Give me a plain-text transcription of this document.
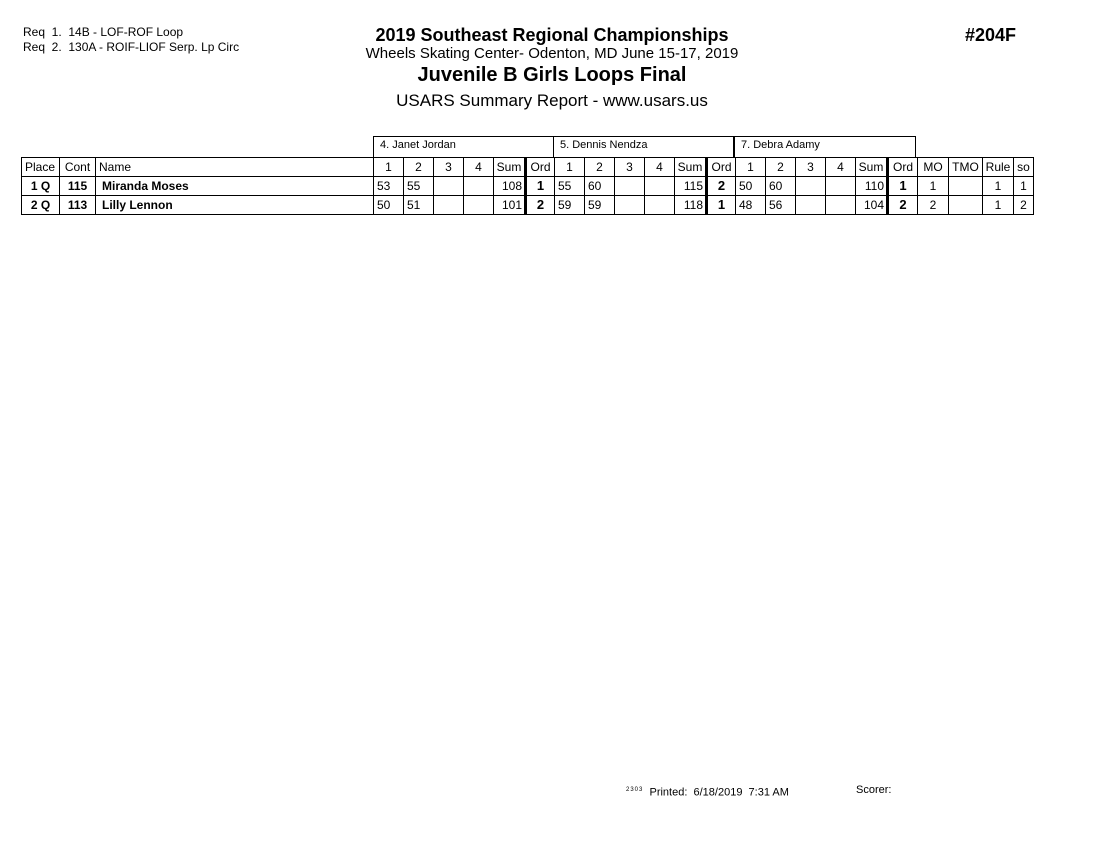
Req  1.  14B - LOF-ROF Loop
Req  2.  130A - ROIF-LIOF Serp. Lp Circ
2019 Southeast Regional Championships
Wheels Skating Center- Odenton, MD June 15-17, 2019
Juvenile B Girls Loops Final
USARS Summary Report - www.usars.us
#204F
4. Janet Jordan	5. Dennis Nendza	7. Debra Adamy
Place	Cont	Name	1	2	3	4	Sum	Ord	1	2	3	4	Sum	Ord	1	2	3	4	Sum	Ord	MO	TMO	Rule	so
1 Q	115	Miranda Moses	53	55			108	1	55	60			115	2	50	60			110	1	1		1	1
2 Q	113	Lilly Lennon	50	51			101	2	59	59			118	1	48	56			104	2	2		1	2
$^{2303}$ Printed:  6/18/2019  7:31 AM	Scorer:
